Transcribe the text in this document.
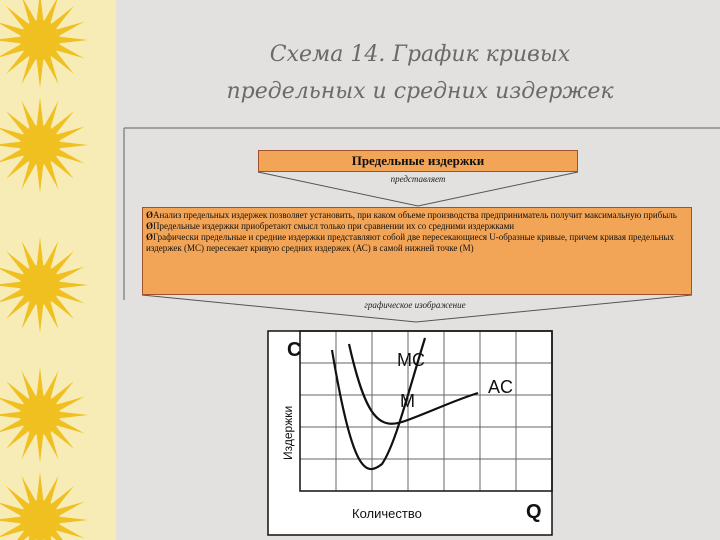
Схема 14. График кривых
предельных и средних издержек
Предельные издержки
представляет
ØАнализ предельных издержек позволяет установить, при каком объеме производства предприниматель получит максимальную прибыль
ØПредельные издержки приобретают смысл только при сравнении их со средними издержками
ØГрафически предельные и средние издержки представляют собой две пересекающиеся U-образные кривые, причем кривая предельных издержек (МС) пересекает кривую средних издержек (АС) в самой нижней точке (М)
графическое изображение
C	MC
AC
M
Издержки
Количество	Q
